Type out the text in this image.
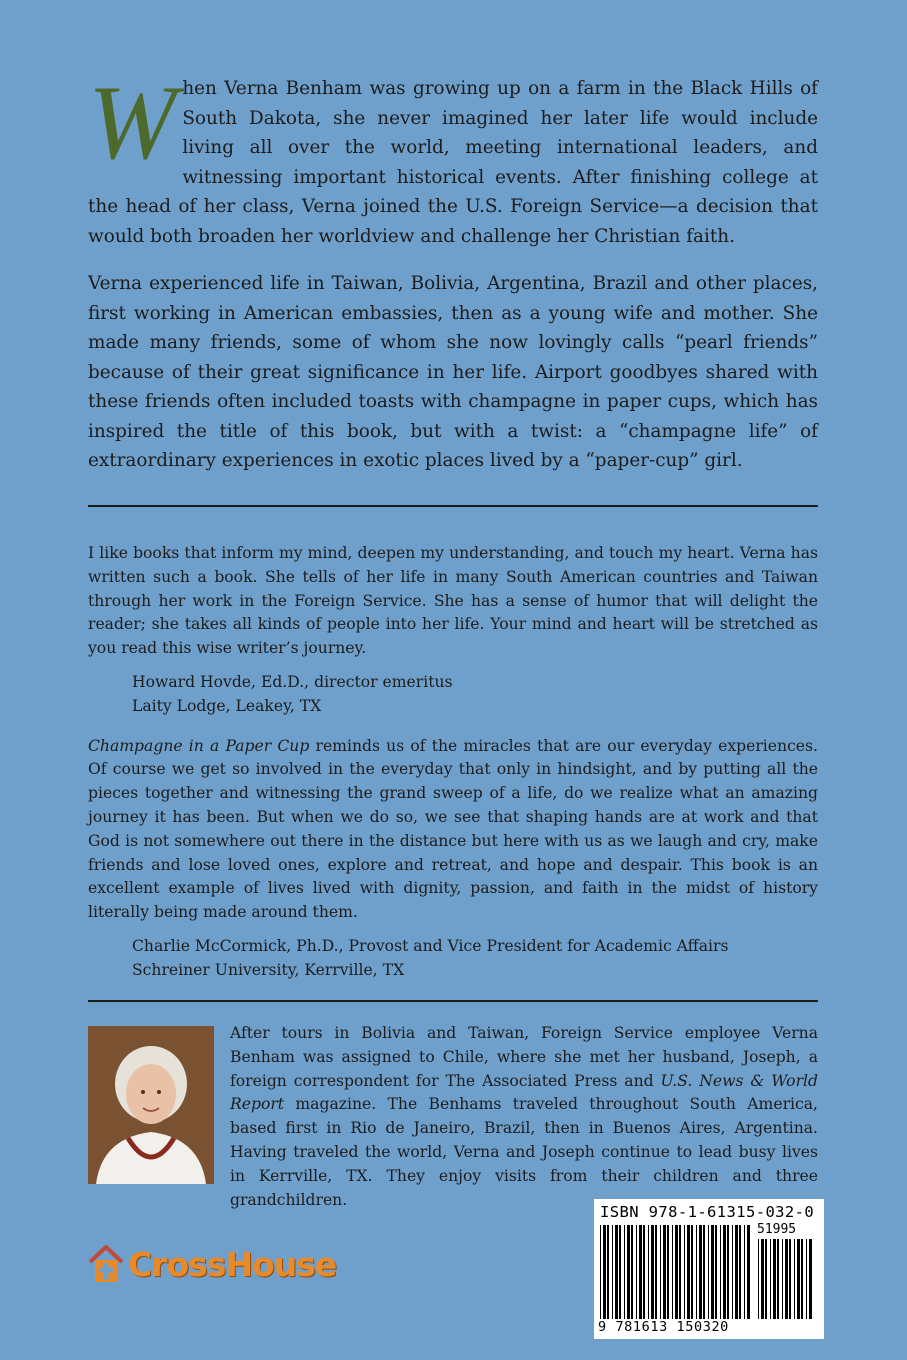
When Verna Benham was growing up on a farm in the Black Hills of South Dakota, she never imagined her later life would include living all over the world, meeting international leaders, and witnessing important historical events. After finishing college at the head of her class, Verna joined the U.S. Foreign Service—a decision that would both broaden her worldview and challenge her Christian faith.

Verna experienced life in Taiwan, Bolivia, Argentina, Brazil and other places, first working in American embassies, then as a young wife and mother. She made many friends, some of whom she now lovingly calls “pearl friends” because of their great significance in her life. Airport goodbyes shared with these friends often included toasts with champagne in paper cups, which has inspired the title of this book, but with a twist: a “champagne life” of extraordinary experiences in exotic places lived by a “paper-cup” girl.

I like books that inform my mind, deepen my understanding, and touch my heart. Verna has written such a book. She tells of her life in many South American countries and Taiwan through her work in the Foreign Service. She has a sense of humor that will delight the reader; she takes all kinds of people into her life. Your mind and heart will be stretched as you read this wise writer’s journey.

Howard Hovde, Ed.D., director emeritus
Laity Lodge, Leakey, TX

Champagne in a Paper Cup reminds us of the miracles that are our everyday experiences. Of course we get so involved in the everyday that only in hindsight, and by putting all the pieces together and witnessing the grand sweep of a life, do we realize what an amazing journey it has been. But when we do so, we see that shaping hands are at work and that God is not somewhere out there in the distance but here with us as we laugh and cry, make friends and lose loved ones, explore and retreat, and hope and despair. This book is an excellent example of lives lived with dignity, passion, and faith in the midst of history literally being made around them.

Charlie McCormick, Ph.D., Provost and Vice President for Academic Affairs
Schreiner University, Kerrville, TX
After tours in Bolivia and Taiwan, Foreign Service employee Verna Benham was assigned to Chile, where she met her husband, Joseph, a foreign correspondent for The Associated Press and U.S. News & World Report magazine. The Benhams traveled throughout South America, based first in Rio de Janeiro, Brazil, then in Buenos Aires, Argentina. Having traveled the world, Verna and Joseph continue to lead busy lives in Kerrville, TX. They enjoy visits from their children and three grandchildren.
CrossHouse
ISBN 978-1-61315-032-0
51995
9 781613 150320
